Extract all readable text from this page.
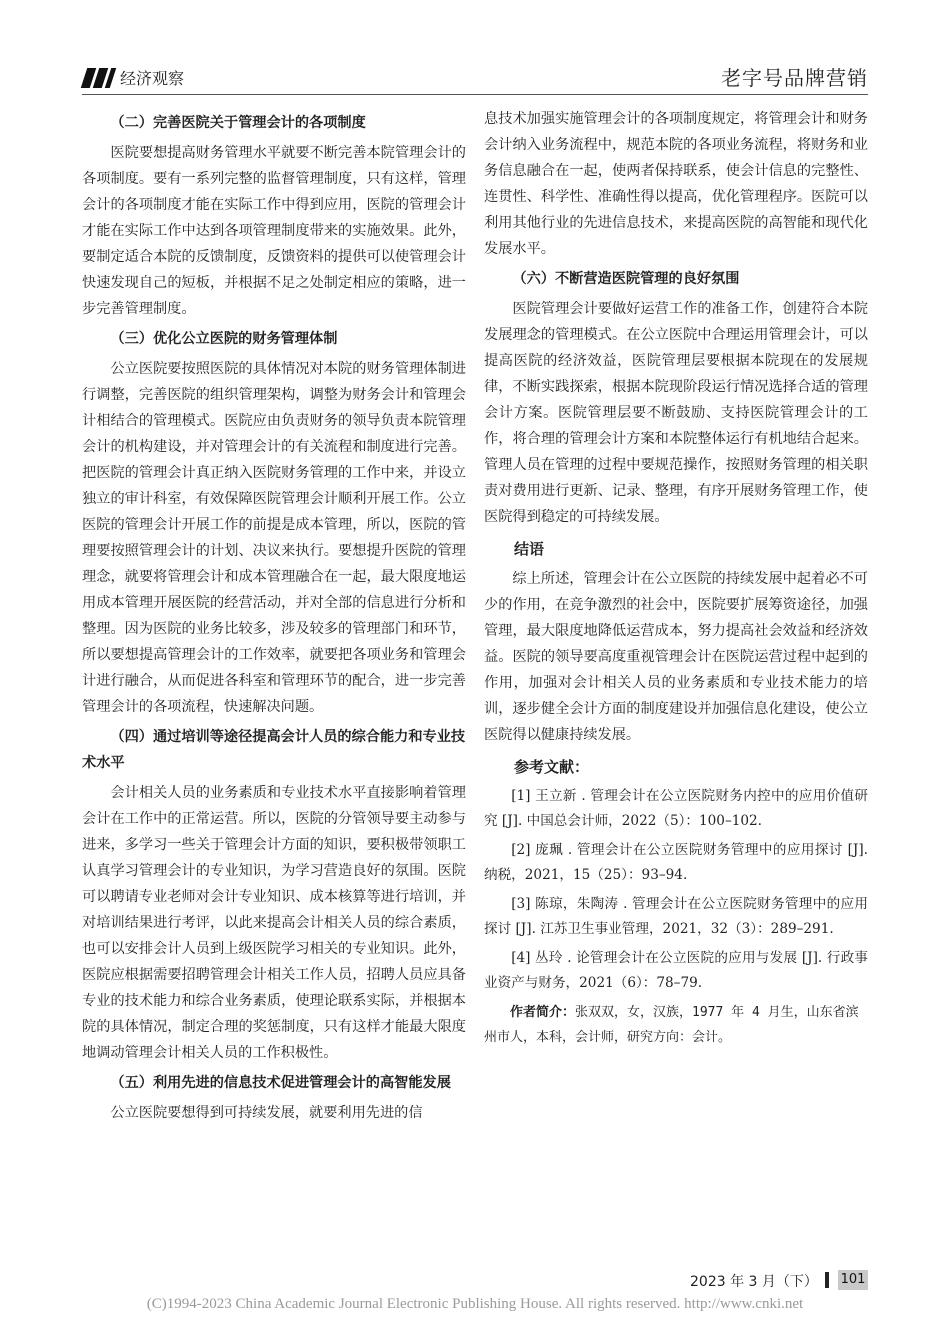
经济观察	老字号品牌营销
（二）完善医院关于管理会计的各项制度

医院要想提高财务管理水平就要不断完善本院管理会计的各项制度。要有一系列完整的监督管理制度，只有这样，管理会计的各项制度才能在实际工作中得到应用，医院的管理会计才能在实际工作中达到各项管理制度带来的实施效果。此外，要制定适合本院的反馈制度，反馈资料的提供可以使管理会计快速发现自己的短板，并根据不足之处制定相应的策略，进一步完善管理制度。

（三）优化公立医院的财务管理体制

公立医院要按照医院的具体情况对本院的财务管理体制进行调整，完善医院的组织管理架构，调整为财务会计和管理会计相结合的管理模式。医院应由负责财务的领导负责本院管理会计的机构建设，并对管理会计的有关流程和制度进行完善。把医院的管理会计真正纳入医院财务管理的工作中来，并设立独立的审计科室，有效保障医院管理会计顺利开展工作。公立医院的管理会计开展工作的前提是成本管理，所以，医院的管理要按照管理会计的计划、决议来执行。要想提升医院的管理理念，就要将管理会计和成本管理融合在一起，最大限度地运用成本管理开展医院的经营活动，并对全部的信息进行分析和整理。因为医院的业务比较多，涉及较多的管理部门和环节，所以要想提高管理会计的工作效率，就要把各项业务和管理会计进行融合，从而促进各科室和管理环节的配合，进一步完善管理会计的各项流程，快速解决问题。

（四）通过培训等途径提高会计人员的综合能力和专业技术水平

会计相关人员的业务素质和专业技术水平直接影响着管理会计在工作中的正常运营。所以，医院的分管领导要主动参与进来，多学习一些关于管理会计方面的知识，要积极带领职工认真学习管理会计的专业知识，为学习营造良好的氛围。医院可以聘请专业老师对会计专业知识、成本核算等进行培训，并对培训结果进行考评，以此来提高会计相关人员的综合素质，也可以安排会计人员到上级医院学习相关的专业知识。此外，医院应根据需要招聘管理会计相关工作人员，招聘人员应具备专业的技术能力和综合业务素质，使理论联系实际，并根据本院的具体情况，制定合理的奖惩制度，只有这样才能最大限度地调动管理会计相关人员的工作积极性。

（五）利用先进的信息技术促进管理会计的高智能发展

公立医院要想得到可持续发展，就要利用先进的信

息技术加强实施管理会计的各项制度规定，将管理会计和财务会计纳入业务流程中，规范本院的各项业务流程，将财务和业务信息融合在一起，使两者保持联系，使会计信息的完整性、连贯性、科学性、准确性得以提高，优化管理程序。医院可以利用其他行业的先进信息技术，来提高医院的高智能和现代化发展水平。

（六）不断营造医院管理的良好氛围

医院管理会计要做好运营工作的准备工作，创建符合本院发展理念的管理模式。在公立医院中合理运用管理会计，可以提高医院的经济效益，医院管理层要根据本院现在的发展规律，不断实践探索，根据本院现阶段运行情况选择合适的管理会计方案。医院管理层要不断鼓励、支持医院管理会计的工作，将合理的管理会计方案和本院整体运行有机地结合起来。管理人员在管理的过程中要规范操作，按照财务管理的相关职责对费用进行更新、记录、整理，有序开展财务管理工作，使医院得到稳定的可持续发展。

结语

综上所述，管理会计在公立医院的持续发展中起着必不可少的作用，在竞争激烈的社会中，医院要扩展筹资途径，加强管理，最大限度地降低运营成本，努力提高社会效益和经济效益。医院的领导要高度重视管理会计在医院运营过程中起到的作用，加强对会计相关人员的业务素质和专业技术能力的培训，逐步健全会计方面的制度建设并加强信息化建设，使公立医院得以健康持续发展。

参考文献：

[1] 王立新 . 管理会计在公立医院财务内控中的应用价值研究 [J]. 中国总会计师，2022（5）：100–102.

[2] 庞珮 . 管理会计在公立医院财务管理中的应用探讨 [J]. 纳税，2021，15（25）：93–94.

[3] 陈琼，朱陶涛 . 管理会计在公立医院财务管理中的应用探讨 [J]. 江苏卫生事业管理，2021，32（3）：289–291.

[4] 丛玲 . 论管理会计在公立医院的应用与发展 [J]. 行政事业资产与财务，2021（6）：78–79.

作者简介：张双双，女，汉族，1977 年 4 月生，山东省滨州市人，本科，会计师，研究方向：会计。

2023 年 3 月（下） 101
(C)1994-2023 China Academic Journal Electronic Publishing House. All rights reserved. http://www.cnki.net
